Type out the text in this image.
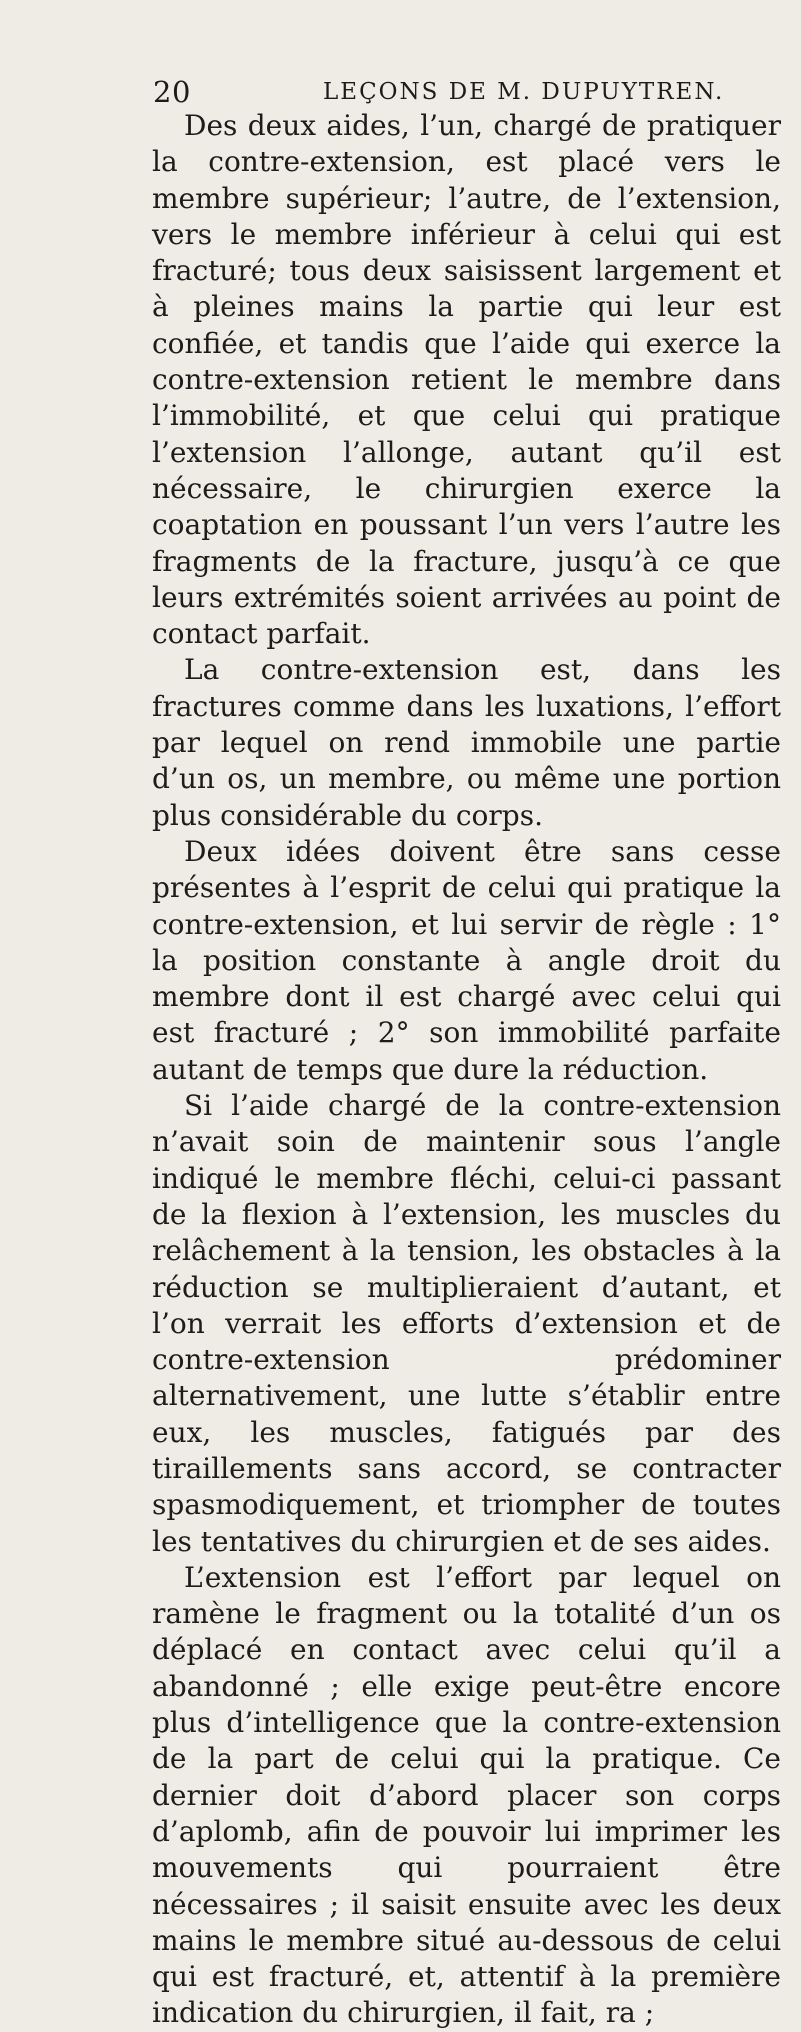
20	LEÇONS DE M. DUPUYTREN.

Des deux aides, l’un, chargé de pratiquer la contre-extension, est placé vers le membre supérieur; l’autre, de l’extension, vers le membre inférieur à celui qui est fracturé; tous deux saisissent largement et à pleines mains la partie qui leur est confiée, et tandis que l’aide qui exerce la contre-extension retient le membre dans l’immobilité, et que celui qui pratique l’extension l’allonge, autant qu’il est nécessaire, le chirurgien exerce la coaptation en poussant l’un vers l’autre les fragments de la fracture, jusqu’à ce que leurs extrémités soient arrivées au point de contact parfait.

La contre-extension est, dans les fractures comme dans les luxations, l’effort par lequel on rend immobile une partie d’un os, un membre, ou même une portion plus considérable du corps.

Deux idées doivent être sans cesse présentes à l’esprit de celui qui pratique la contre-extension, et lui servir de règle : 1° la position constante à angle droit du membre dont il est chargé avec celui qui est fracturé ; 2° son immobilité parfaite autant de temps que dure la réduction.

Si l’aide chargé de la contre-extension n’avait soin de maintenir sous l’angle indiqué le membre fléchi, celui-ci passant de la flexion à l’extension, les muscles du relâchement à la tension, les obstacles à la réduction se multiplieraient d’autant, et l’on verrait les efforts d’extension et de contre-extension prédominer alternativement, une lutte s’établir entre eux, les muscles, fatigués par des tiraillements sans accord, se contracter spasmodiquement, et triompher de toutes les tentatives du chirurgien et de ses aides.

L’extension est l’effort par lequel on ramène le fragment ou la totalité d’un os déplacé en contact avec celui qu’il a abandonné ; elle exige peut-être encore plus d’intelligence que la contre-extension de la part de celui qui la pratique. Ce dernier doit d’abord placer son corps d’aplomb, afin de pouvoir lui imprimer les mouvements qui pourraient être nécessaires ; il saisit ensuite avec les deux mains le membre situé au-dessous de celui qui est fracturé, et, attentif à la première indication du chirurgien, il fait, ra ;
